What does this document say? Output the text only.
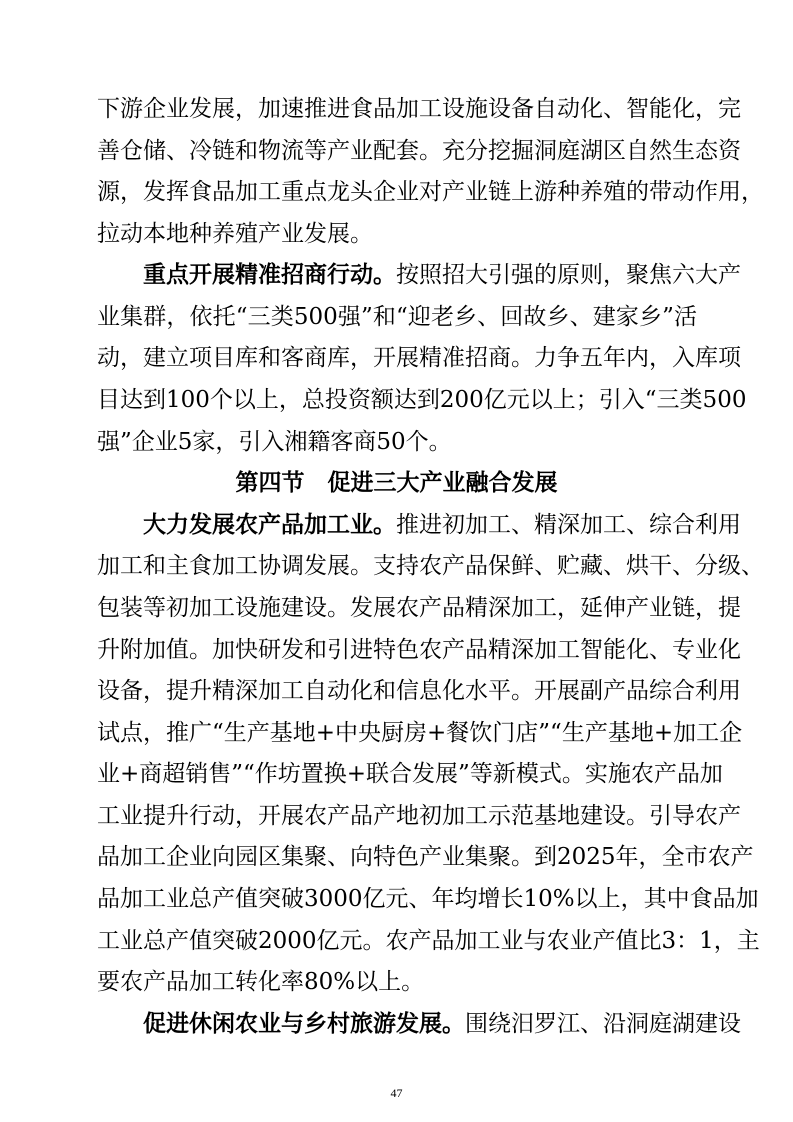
下游企业发展，加速推进食品加工设施设备自动化、智能化，完
善仓储、冷链和物流等产业配套。充分挖掘洞庭湖区自然生态资
源，发挥食品加工重点龙头企业对产业链上游种养殖的带动作用，
拉动本地种养殖产业发展。
重点开展精准招商行动。按照招大引强的原则，聚焦六大产
业集群，依托“三类500强”和“迎老乡、回故乡、建家乡”活
动，建立项目库和客商库，开展精准招商。力争五年内，入库项
目达到100个以上，总投资额达到200亿元以上；引入“三类500
强”企业5家，引入湘籍客商50个。
第四节　促进三大产业融合发展
大力发展农产品加工业。推进初加工、精深加工、综合利用
加工和主食加工协调发展。支持农产品保鲜、贮藏、烘干、分级、
包装等初加工设施建设。发展农产品精深加工，延伸产业链，提
升附加值。加快研发和引进特色农产品精深加工智能化、专业化
设备，提升精深加工自动化和信息化水平。开展副产品综合利用
试点，推广“生产基地+中央厨房+餐饮门店”“生产基地+加工企
业+商超销售”“作坊置换+联合发展”等新模式。实施农产品加
工业提升行动，开展农产品产地初加工示范基地建设。引导农产
品加工企业向园区集聚、向特色产业集聚。到2025年，全市农产
品加工业总产值突破3000亿元、年均增长10%以上，其中食品加
工业总产值突破2000亿元。农产品加工业与农业产值比3：1，主
要农产品加工转化率80%以上。
促进休闲农业与乡村旅游发展。围绕汨罗江、沿洞庭湖建设
47
